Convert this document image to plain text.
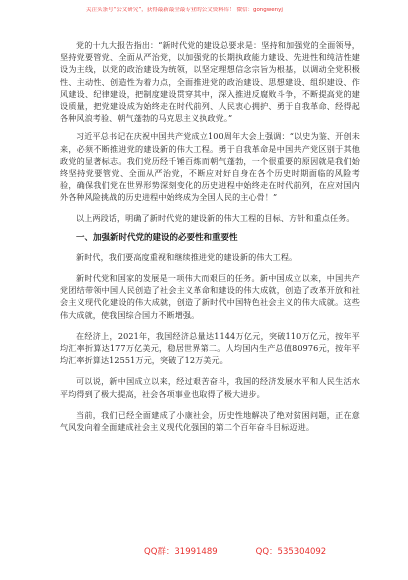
关注头条号“公文研究”，获得最新最全最专业的公文资料库！ 微信：gongwenyj

党的十九大报告指出：“新时代党的建设总要求是：坚持和加强党的全面领导，坚持党要管党、全面从严治党，以加强党的长期执政能力建设、先进性和纯洁性建设为主线，以党的政治建设为统领，以坚定理想信念宗旨为根基，以调动全党积极性、主动性、创造性为着力点，全面推进党的政治建设、思想建设、组织建设、作风建设、纪律建设，把制度建设贯穿其中，深入推进反腐败斗争，不断提高党的建设质量，把党建设成为始终走在时代前列、人民衷心拥护、勇于自我革命、经得起各种风浪考验、朝气蓬勃的马克思主义执政党。”

习近平总书记在庆祝中国共产党成立100周年大会上强调：“以史为鉴、开创未来，必须不断推进党的建设新的伟大工程。勇于自我革命是中国共产党区别于其他政党的显著标志。我们党历经千锤百炼而朝气蓬勃，一个很重要的原因就是我们始终坚持党要管党、全面从严治党，不断应对好自身在各个历史时期面临的风险考验，确保我们党在世界形势深刻变化的历史进程中始终走在时代前列，在应对国内外各种风险挑战的历史进程中始终成为全国人民的主心骨！”

以上两段话，明确了新时代党的建设新的伟大工程的目标、方针和重点任务。

一、加强新时代党的建设的必要性和重要性

新时代，我们要高度重视和继续推进党的建设新的伟大工程。

新时代党和国家的发展是一项伟大而艰巨的任务。新中国成立以来，中国共产党团结带领中国人民创造了社会主义革命和建设的伟大成就，创造了改革开放和社会主义现代化建设的伟大成就，创造了新时代中国特色社会主义的伟大成就。这些伟大成就，使我国综合国力不断增强。

在经济上，2021年，我国经济总量达1144万亿元，突破110万亿元，按年平均汇率折算达177万亿美元，稳居世界第二。人均国内生产总值80976元，按年平均汇率折算达12551万元，突破了12万美元。

可以说，新中国成立以来，经过艰苦奋斗，我国的经济发展水平和人民生活水平均得到了极大提高，社会各项事业也取得了极大进步。

当前，我们已经全面建成了小康社会，历史性地解决了绝对贫困问题，正在意气风发向着全面建成社会主义现代化强国的第二个百年奋斗目标迈进。

QQ群：31991489	QQ：535304092
